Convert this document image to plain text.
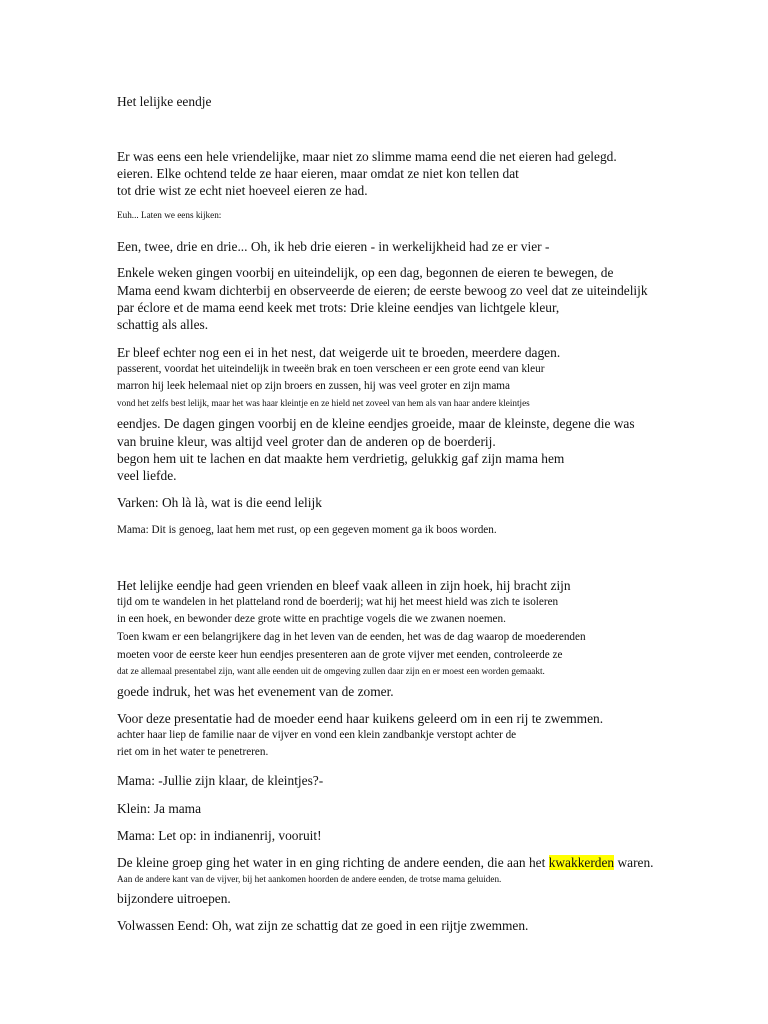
Het lelijke eendje
Er was eens een hele vriendelijke, maar niet zo slimme mama eend die net eieren had gelegd.
eieren. Elke ochtend telde ze haar eieren, maar omdat ze niet kon tellen dat
tot drie wist ze echt niet hoeveel eieren ze had.
Euh... Laten we eens kijken:
Een, twee, drie en drie... Oh, ik heb drie eieren - in werkelijkheid had ze er vier -
Enkele weken gingen voorbij en uiteindelijk, op een dag, begonnen de eieren te bewegen, de
Mama eend kwam dichterbij en observeerde de eieren; de eerste bewoog zo veel dat ze uiteindelijk
par éclore et de mama eend keek met trots: Drie kleine eendjes van lichtgele kleur,
schattig als alles.
Er bleef echter nog een ei in het nest, dat weigerde uit te broeden, meerdere dagen.
passerent, voordat het uiteindelijk in tweeën brak en toen verscheen er een grote eend van kleur
marron hij leek helemaal niet op zijn broers en zussen, hij was veel groter en zijn mama
vond het zelfs best lelijk, maar het was haar kleintje en ze hield net zoveel van hem als van haar andere kleintjes
eendjes. De dagen gingen voorbij en de kleine eendjes groeide, maar de kleinste, degene die was
van bruine kleur, was altijd veel groter dan de anderen op de boerderij.
begon hem uit te lachen en dat maakte hem verdrietig, gelukkig gaf zijn mama hem
veel liefde.
Varken: Oh là là, wat is die eend lelijk
Mama: Dit is genoeg, laat hem met rust, op een gegeven moment ga ik boos worden.
Het lelijke eendje had geen vrienden en bleef vaak alleen in zijn hoek, hij bracht zijn
tijd om te wandelen in het platteland rond de boerderij; wat hij het meest hield was zich te isoleren
in een hoek, en bewonder deze grote witte en prachtige vogels die we zwanen noemen.
Toen kwam er een belangrijkere dag in het leven van de eenden, het was de dag waarop de moederenden
moeten voor de eerste keer hun eendjes presenteren aan de grote vijver met eenden, controleerde ze
dat ze allemaal presentabel zijn, want alle eenden uit de omgeving zullen daar zijn en er moest een worden gemaakt.
goede indruk, het was het evenement van de zomer.
Voor deze presentatie had de moeder eend haar kuikens geleerd om in een rij te zwemmen.
achter haar liep de familie naar de vijver en vond een klein zandbankje verstopt achter de
riet om in het water te penetreren.
Mama: -Jullie zijn klaar, de kleintjes?-
Klein: Ja mama
Mama: Let op: in indianenrij, vooruit!
Aan de andere kant van de vijver, bij het aankomen hoorden de andere eenden, de trotse mama geluiden.
bijzondere uitroepen.
Volwassen Eend: Oh, wat zijn ze schattig dat ze goed in een rijtje zwemmen.
De kleine groep ging het water in en ging richting de andere eenden, die aan het kwakkerden waren.
